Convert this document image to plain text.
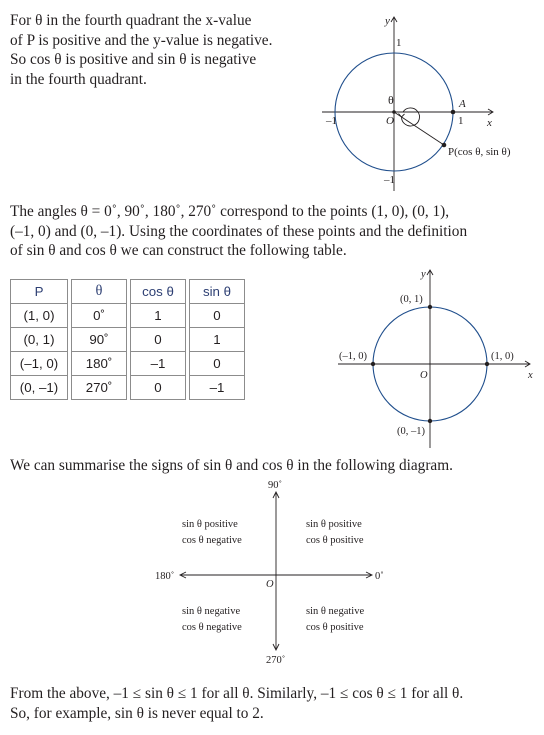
For θ in the fourth quadrant the x-value
of P is positive and the y-value is negative.
So cos θ is positive and sin θ is negative
in the fourth quadrant.

y
x
1
–1
–1	1
θ
O
A
P(cos θ, sin θ)

The angles θ = 0˚, 90˚, 180˚, 270˚ correspond to the points (1, 0), (0, 1),
(–1, 0) and (0, –1). Using the coordinates of these points and the definition
of sin θ and cos θ we can construct the following table.

P		θ		cos θ		sin θ
(1, 0)		0˚		1		0
(0, 1)		90˚		0		1
(–1, 0)		180˚		–1		0
(0, –1)		270˚		0		–1
y
x
O
(0, 1)
(–1, 0)	(1, 0)
(0, –1)

We can summarise the signs of sin θ and cos θ in the following diagram.

90˚
180˚	0˚
270˚
O
sin θ positive
cos θ negative
sin θ positive
cos θ positive
sin θ negative
cos θ negative
sin θ negative
cos θ positive

From the above, –1 ≤ sin θ ≤ 1 for all θ. Similarly, –1 ≤ cos θ ≤ 1 for all θ.
So, for example, sin θ is never equal to 2.
